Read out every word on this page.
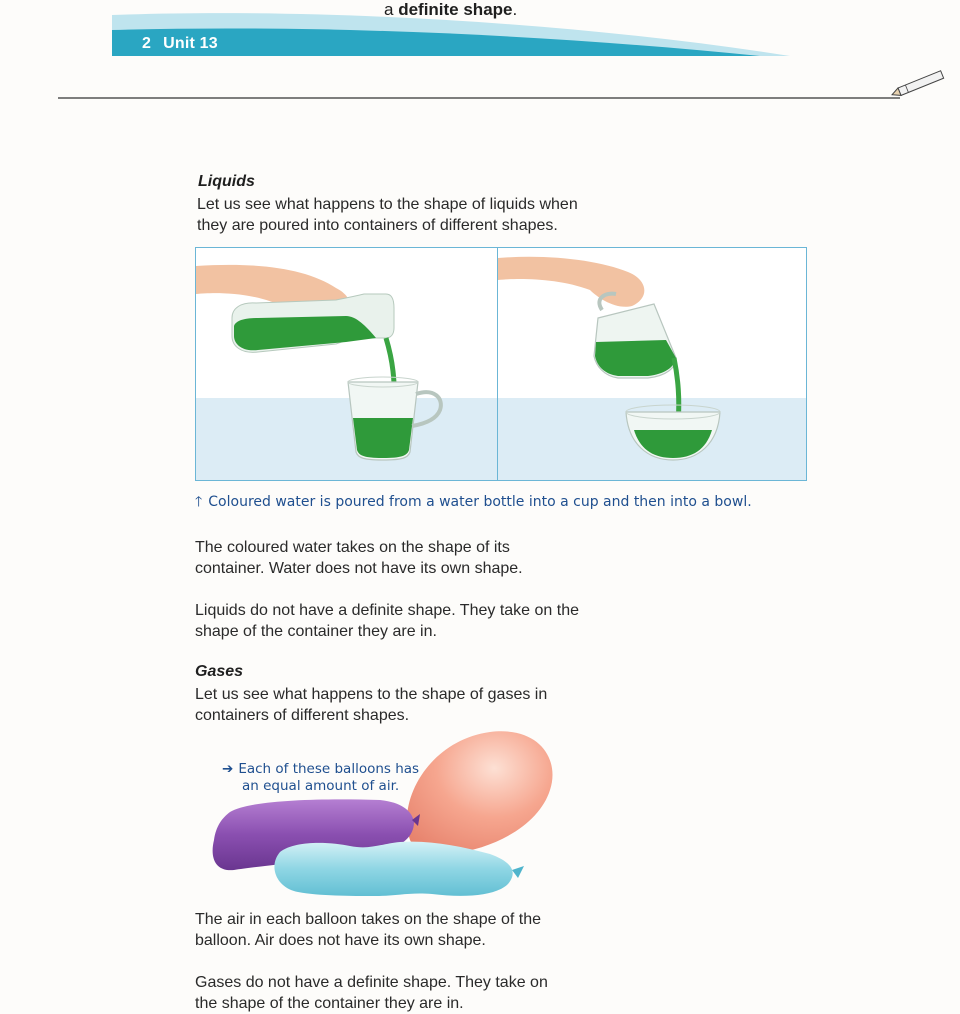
a definite shape.
2 Unit 13
Liquids

Let us see what happens to the shape of liquids when

they are poured into containers of different shapes.

🡑 Coloured water is poured from a water bottle into a cup and then into a bowl.

The coloured water takes on the shape of its

container. Water does not have its own shape.

Liquids do not have a definite shape. They take on the

shape of the container they are in.

Gases

Let us see what happens to the shape of gases in

containers of different shapes.

➔ Each of these balloons has
an equal amount of air.

The air in each balloon takes on the shape of the

balloon. Air does not have its own shape.

Gases do not have a definite shape. They take on

the shape of the container they are in.
